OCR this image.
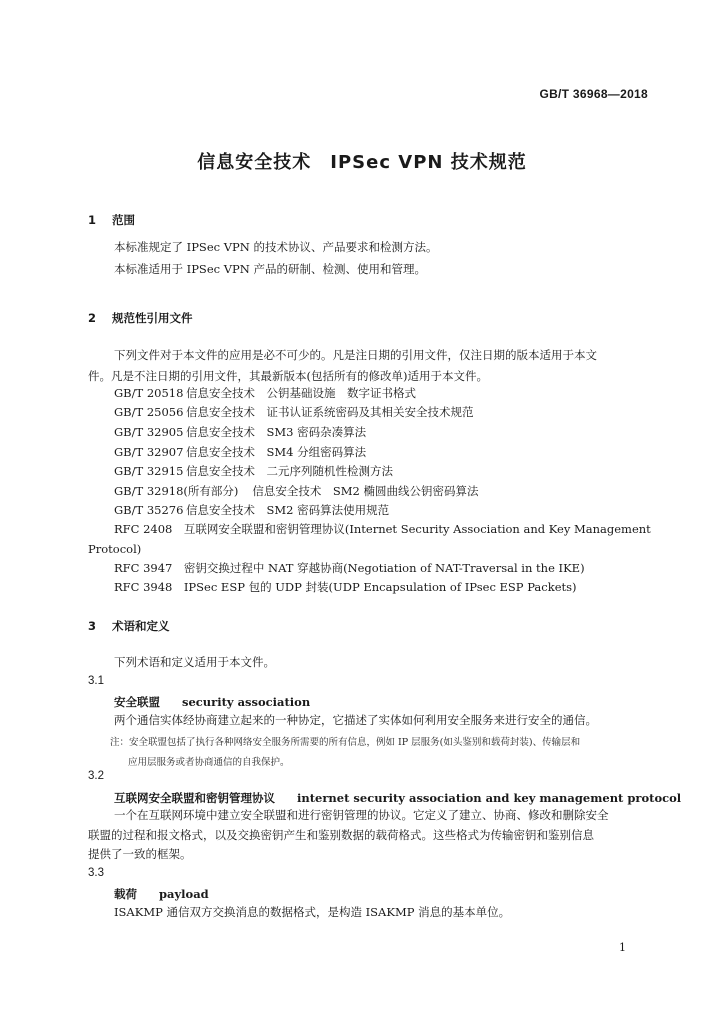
GB/T 36968—2018
信息安全技术　IPSec VPN 技术规范
1 范围
本标准规定了 IPSec VPN 的技术协议、产品要求和检测方法。
本标准适用于 IPSec VPN 产品的研制、检测、使用和管理。
2 规范性引用文件
下列文件对于本文件的应用是必不可少的。凡是注日期的引用文件，仅注日期的版本适用于本文
件。凡是不注日期的引用文件，其最新版本(包括所有的修改单)适用于本文件。
GB/T 20518 信息安全技术　公钥基础设施　数字证书格式
GB/T 25056 信息安全技术　证书认证系统密码及其相关安全技术规范
GB/T 32905 信息安全技术　SM3 密码杂凑算法
GB/T 32907 信息安全技术　SM4 分组密码算法
GB/T 32915 信息安全技术　二元序列随机性检测方法
GB/T 32918(所有部分) 信息安全技术　SM2 椭圆曲线公钥密码算法
GB/T 35276 信息安全技术　SM2 密码算法使用规范
RFC 2408　互联网安全联盟和密钥管理协议(Internet Security Association and Key Management
Protocol)
RFC 3947　密钥交换过程中 NAT 穿越协商(Negotiation of NAT-Traversal in the IKE)
RFC 3948　IPSec ESP 包的 UDP 封装(UDP Encapsulation of IPsec ESP Packets)
3 术语和定义
下列术语和定义适用于本文件。
3.1
安全联盟 security association
两个通信实体经协商建立起来的一种协定，它描述了实体如何利用安全服务来进行安全的通信。
注：安全联盟包括了执行各种网络安全服务所需要的所有信息，例如 IP 层服务(如头鉴别和载荷封装)、传输层和
应用层服务或者协商通信的自我保护。
3.2
互联网安全联盟和密钥管理协议 internet security association and key management protocol
一个在互联网环境中建立安全联盟和进行密钥管理的协议。它定义了建立、协商、修改和删除安全
联盟的过程和报文格式，以及交换密钥产生和鉴别数据的载荷格式。这些格式为传输密钥和鉴别信息
提供了一致的框架。
3.3
载荷 payload
ISAKMP 通信双方交换消息的数据格式，是构造 ISAKMP 消息的基本单位。
1
